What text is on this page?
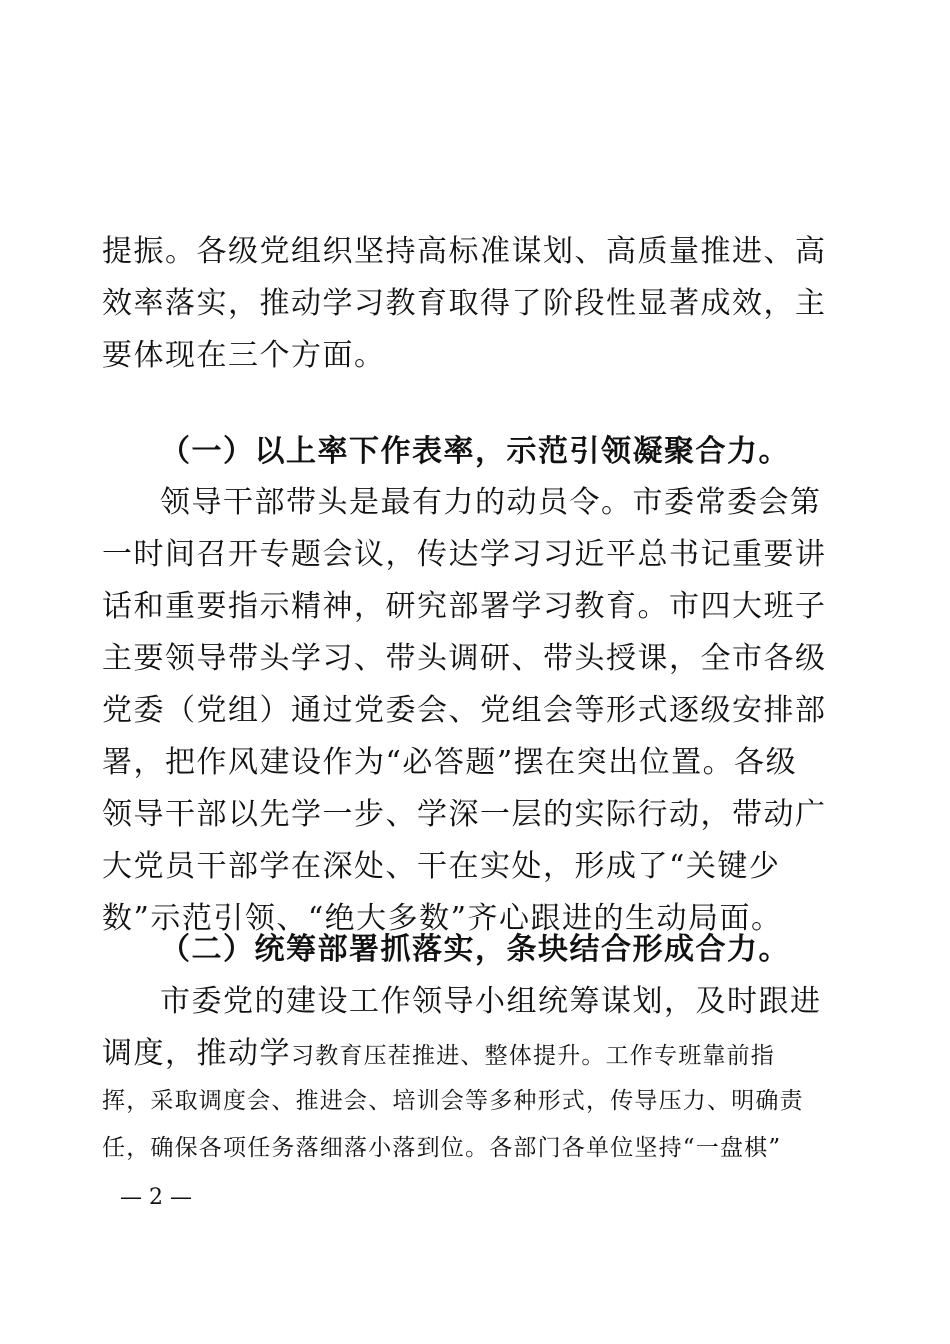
提振。各级党组织坚持高标准谋划、高质量推进、高
效率落实，推动学习教育取得了阶段性显著成效，主
要体现在三个方面。
（一）以上率下作表率，示范引领凝聚合力。
领导干部带头是最有力的动员令。市委常委会第
一时间召开专题会议，传达学习习近平总书记重要讲
话和重要指示精神，研究部署学习教育。市四大班子
主要领导带头学习、带头调研、带头授课，全市各级
党委（党组）通过党委会、党组会等形式逐级安排部
署，把作风建设作为“必答题”摆在突出位置。各级
领导干部以先学一步、学深一层的实际行动，带动广
大党员干部学在深处、干在实处，形成了“关键少
数”示范引领、“绝大多数”齐心跟进的生动局面。
（二）统筹部署抓落实，条块结合形成合力。
市委党的建设工作领导小组统筹谋划，及时跟进
调度，推动学习教育压茬推进、整体提升。工作专班靠前指
挥，采取调度会、推进会、培训会等多种形式，传导压力、明确责
任，确保各项任务落细落小落到位。各部门各单位坚持“一盘棋”
— 2 —
